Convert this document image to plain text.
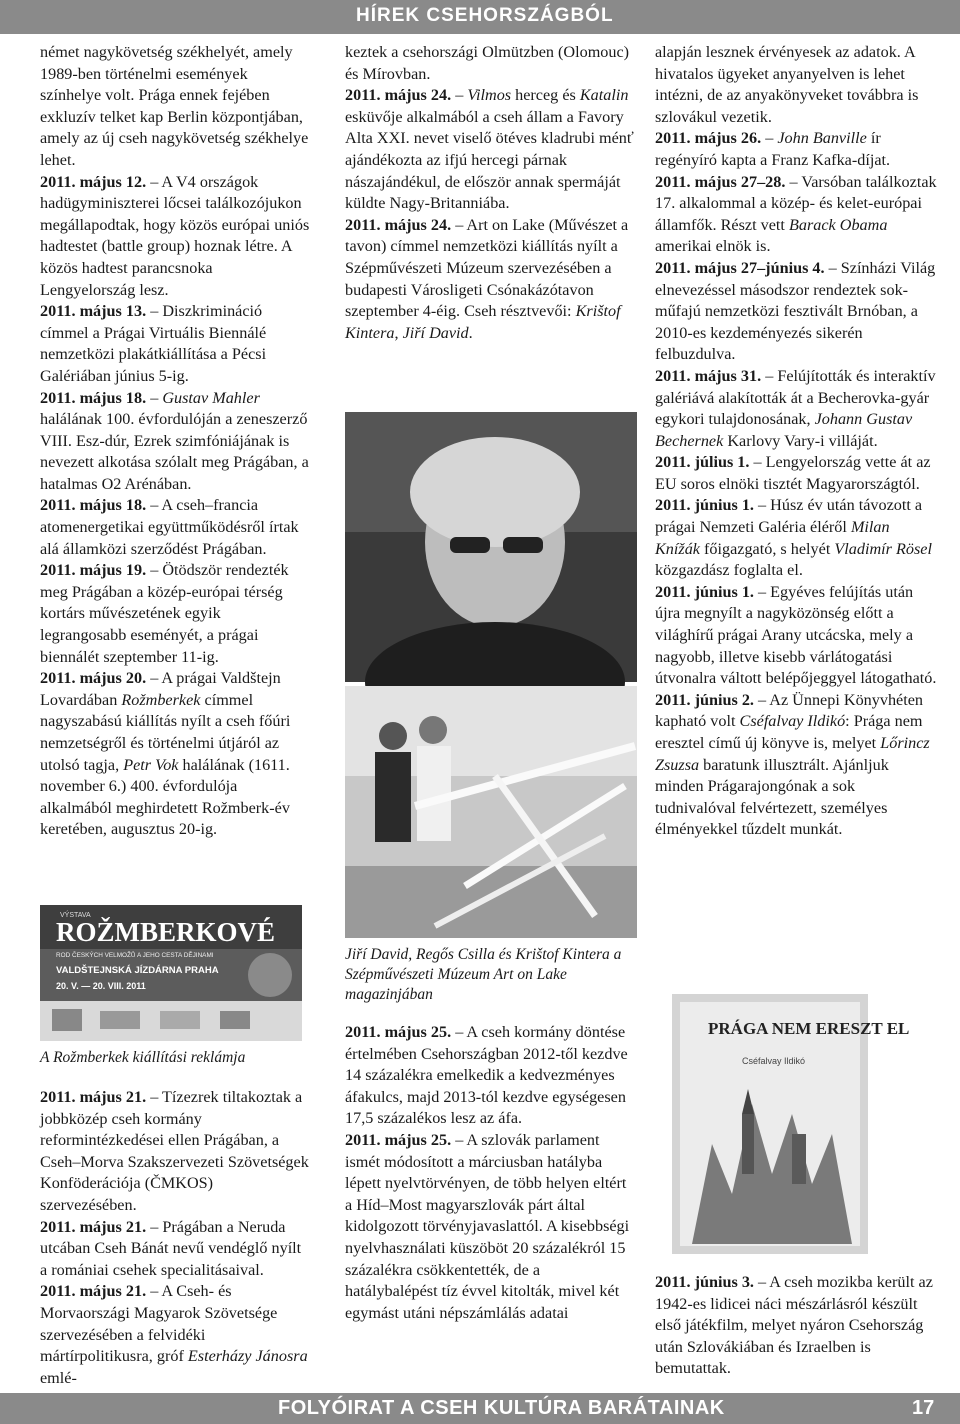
HÍREK CSEHORSZÁGBÓL

német nagykövetség székhelyét, amely 1989-ben történelmi események színhelye volt. Prága ennek fejében exkluzív telket kap Berlin központjában, amely az új cseh nagykövetség székhelye lehet.

2011. május 12. – A V4 országok hadügyminiszterei lőcsei találkozójukon megállapodtak, hogy közös európai uniós hadtestet (battle group) hoznak létre. A közös hadtest parancsnoka Lengyelország lesz.

2011. május 13. – Diszkrimináció címmel a Prágai Virtuális Biennálé nemzetközi plakátkiállítása a Pécsi Galériában június 5-ig.

2011. május 18. – Gustav Mahler halálának 100. évfordulóján a zeneszerző VIII. Esz-dúr, Ezrek szimfóniájának is nevezett alkotása szólalt meg Prágában, a hatalmas O2 Arénában.

2011. május 18. – A cseh–francia atomenergetikai együttműködésről írtak alá államközi szerződést Prágában.

2011. május 19. – Ötödször rendezték meg Prágában a közép-európai térség kortárs művészetének egyik legrangosabb eseményét, a prágai biennálét szeptember 11-ig.

2011. május 20. – A prágai Valdštejn Lovardában Rožmberkek címmel nagyszabású kiállítás nyílt a cseh főúri nemzetségről és történelmi útjáról az utolsó tagja, Petr Vok halálának (1611. november 6.) 400. évfordulója alkalmából meghirdetett Rožmberk-év keretében, augusztus 20-ig.

VÝSTAVA
ROŽMBERKOVÉ
ROD ČESKÝCH VELMOŽŮ A JEHO CESTA DĚJINAMI
VALDŠTEJNSKÁ JÍZDÁRNA PRAHA
20. V. — 20. VIII. 2011
A Rožmberkek kiállítási reklámja

2011. május 21. – Tízezrek tiltakoztak a jobbközép cseh kormány reformintézkedései ellen Prágában, a Cseh–Morva Szakszervezeti Szövetségek Konföderációja (ČMKOS) szervezésében.

2011. május 21. – Prágában a Neruda utcában Cseh Bánát nevű vendéglő nyílt a romániai csehek specialitásaival.

2011. május 21. – A Cseh- és Morvaországi Magyarok Szövetsége szervezésében a felvidéki mártírpolitikusra, gróf Esterházy Jánosra emlé-

keztek a csehországi Olmützben (Olomouc) és Mírovban.

2011. május 24. – Vilmos herceg és Katalin esküvője alkalmából a cseh állam a Favory Alta XXI. nevet viselő ötéves kladrubi ménť ajándékozta az ifjú hercegi párnak nászajándékul, de először annak spermáját küldte Nagy-Britanniába.

2011. május 24. – Art on Lake (Művészet a tavon) címmel nemzetközi kiállítás nyílt a Szépművészeti Múzeum szervezésében a budapesti Városligeti Csónakázótavon szeptember 4-éig. Cseh résztvevői: Krištof Kintera, Jiří David.

Jiří David, Regős Csilla és Krištof Kintera a Szépművészeti Múzeum Art on Lake magazinjában

2011. május 25. – A cseh kormány döntése értelmében Csehországban 2012-től kezdve 14 százalékra emelkedik a kedvezményes áfakulcs, majd 2013-tól kezdve egységesen 17,5 százalékos lesz az áfa.

2011. május 25. – A szlovák parlament ismét módosított a márciusban hatályba lépett nyelvtörvényen, de több helyen eltért a Híd–Most magyarszlovák párt által kidolgozott törvényjavaslattól. A kisebbségi nyelvhasználati küszöböt 20 százalékról 15 százalékra csökkentették, de a hatálybalépést tíz évvel kitolták, mivel két egymást utáni népszámlálás adatai

alapján lesznek érvényesek az adatok. A hivatalos ügyeket anyanyelven is lehet intézni, de az anyakönyveket továbbra is szlovákul vezetik.

2011. május 26. – John Banville ír regényíró kapta a Franz Kafka-díjat.

2011. május 27–28. – Varsóban találkoztak 17. alkalommal a közép- és kelet-európai államfők. Részt vett Barack Obama amerikai elnök is.

2011. május 27–június 4. – Színházi Világ elnevezéssel másodszor rendeztek sok-műfajú nemzetközi fesztivált Brnóban, a 2010-es kezdeményezés sikerén felbuzdulva.

2011. május 31. – Felújították és interaktív galériává alakították át a Becherovka-gyár egykori tulajdonosának, Johann Gustav Bechernek Karlovy Vary-i villáját.

2011. július 1. – Lengyelország vette át az EU soros elnöki tisztét Magyarországtól.

2011. június 1. – Húsz év után távozott a prágai Nemzeti Galéria éléről Milan Knížák főigazgató, s helyét Vladimír Rösel közgazdász foglalta el.

2011. június 1. – Egyéves felújítás után újra megnyílt a nagyközönség előtt a világhírű prágai Arany utcácska, mely a nagyobb, illetve kisebb várlátogatási útvonalra váltott belépőjeggyel látogatható.

2011. június 2. – Az Ünnepi Könyvhéten kapható volt Cséfalvay Ildikó: Prága nem eresztel című új könyve is, melyet Lőrincz Zsuzsa baratunk illusztrált. Ajánljuk minden Prágarajongónak a sok tudnivalóval felvértezett, személyes élményekkel tűzdelt munkát.

PRÁGA NEM ERESZT EL
Cséfalvay Ildikó

2011. június 3. – A cseh mozikba került az 1942-es lidicei náci mészárlásról készült első játékfilm, melyet nyáron Csehország után Szlovákiában és Izraelben is bemutattak.

FOLYÓIRAT A CSEH KULTÚRA BARÁTAINAK	17
